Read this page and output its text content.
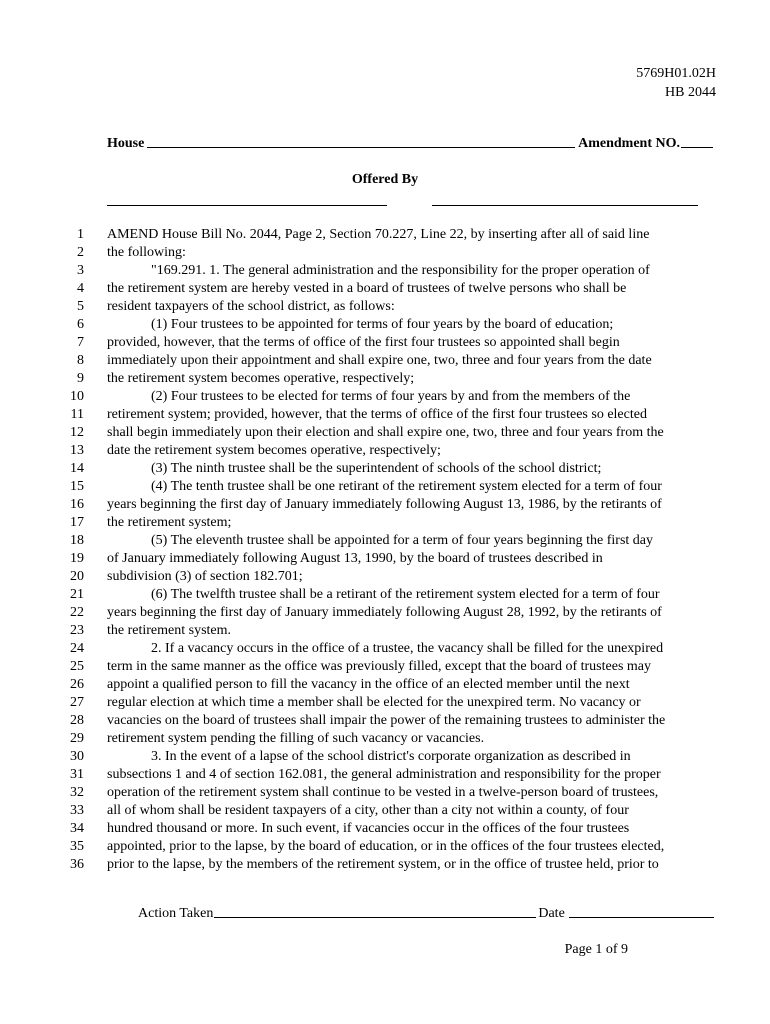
5769H01.02H
HB 2044
House	Amendment NO.
Offered By
1 AMEND House Bill No. 2044, Page 2, Section 70.227, Line 22, by inserting after all of said line
2 the following:
3	"169.291. 1. The general administration and the responsibility for the proper operation of
4 the retirement system are hereby vested in a board of trustees of twelve persons who shall be
5 resident taxpayers of the school district, as follows:
6	(1) Four trustees to be appointed for terms of four years by the board of education;
7 provided, however, that the terms of office of the first four trustees so appointed shall begin
8 immediately upon their appointment and shall expire one, two, three and four years from the date
9 the retirement system becomes operative, respectively;
10	(2) Four trustees to be elected for terms of four years by and from the members of the
11 retirement system; provided, however, that the terms of office of the first four trustees so elected
12 shall begin immediately upon their election and shall expire one, two, three and four years from the
13 date the retirement system becomes operative, respectively;
14	(3) The ninth trustee shall be the superintendent of schools of the school district;
15	(4) The tenth trustee shall be one retirant of the retirement system elected for a term of four
16 years beginning the first day of January immediately following August 13, 1986, by the retirants of
17 the retirement system;
18	(5) The eleventh trustee shall be appointed for a term of four years beginning the first day
19 of January immediately following August 13, 1990, by the board of trustees described in
20 subdivision (3) of section 182.701;
21	(6) The twelfth trustee shall be a retirant of the retirement system elected for a term of four
22 years beginning the first day of January immediately following August 28, 1992, by the retirants of
23 the retirement system.
24	2. If a vacancy occurs in the office of a trustee, the vacancy shall be filled for the unexpired
25 term in the same manner as the office was previously filled, except that the board of trustees may
26 appoint a qualified person to fill the vacancy in the office of an elected member until the next
27 regular election at which time a member shall be elected for the unexpired term. No vacancy or
28 vacancies on the board of trustees shall impair the power of the remaining trustees to administer the
29 retirement system pending the filling of such vacancy or vacancies.
30	3. In the event of a lapse of the school district's corporate organization as described in
31 subsections 1 and 4 of section 162.081, the general administration and responsibility for the proper
32 operation of the retirement system shall continue to be vested in a twelve-person board of trustees,
33 all of whom shall be resident taxpayers of a city, other than a city not within a county, of four
34 hundred thousand or more. In such event, if vacancies occur in the offices of the four trustees
35 appointed, prior to the lapse, by the board of education, or in the offices of the four trustees elected,
36 prior to the lapse, by the members of the retirement system, or in the office of trustee held, prior to
Action Taken	Date
Page 1 of 9
